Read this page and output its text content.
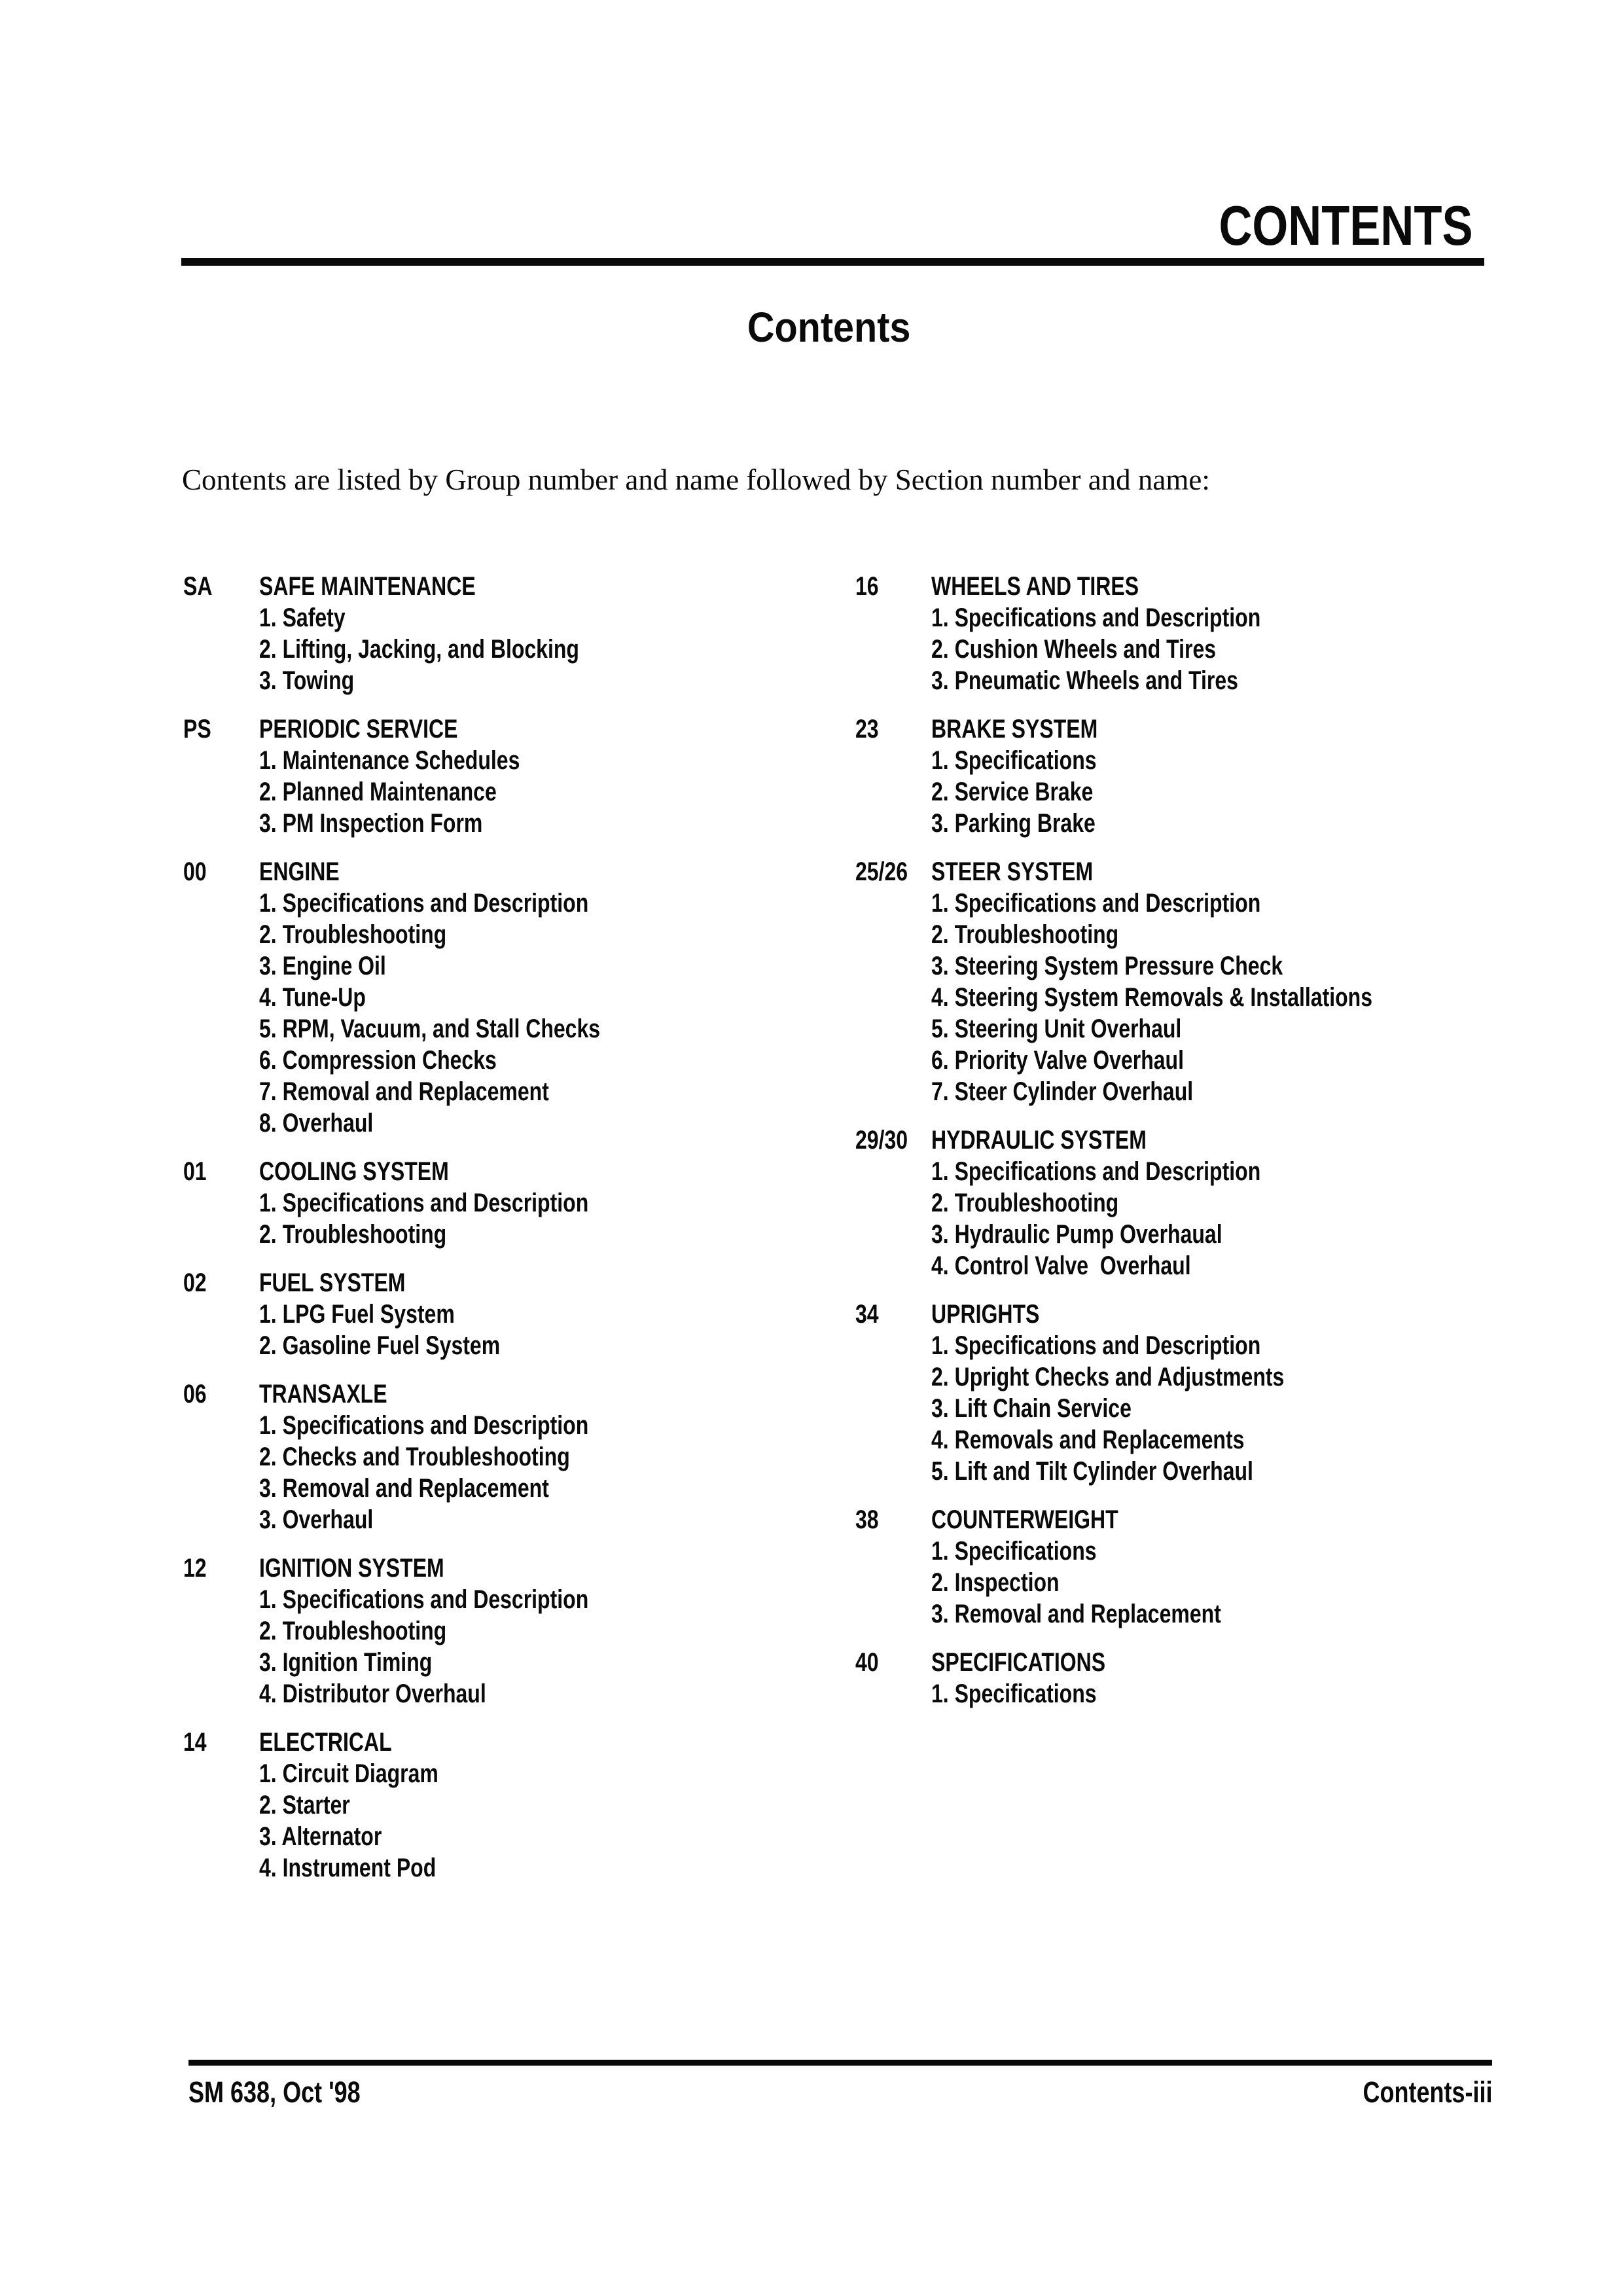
CONTENTS
Contents
Contents are listed by Group number and name followed by Section number and name:
SA	SAFE MAINTENANCE
1. Safety
2. Lifting, Jacking, and Blocking
3. Towing
PS	PERIODIC SERVICE
1. Maintenance Schedules
2. Planned Maintenance
3. PM Inspection Form
00	ENGINE
1. Specifications and Description
2. Troubleshooting
3. Engine Oil
4. Tune-Up
5. RPM, Vacuum, and Stall Checks
6. Compression Checks
7. Removal and Replacement
8. Overhaul
01	COOLING SYSTEM
1. Specifications and Description
2. Troubleshooting
02	FUEL SYSTEM
1. LPG Fuel System
2. Gasoline Fuel System
06	TRANSAXLE
1. Specifications and Description
2. Checks and Troubleshooting
3. Removal and Replacement
3. Overhaul
12	IGNITION SYSTEM
1. Specifications and Description
2. Troubleshooting
3. Ignition Timing
4. Distributor Overhaul
14	ELECTRICAL
1. Circuit Diagram
2. Starter
3. Alternator
4. Instrument Pod
16	WHEELS AND TIRES
1. Specifications and Description
2. Cushion Wheels and Tires
3. Pneumatic Wheels and Tires
23	BRAKE SYSTEM
1. Specifications
2. Service Brake
3. Parking Brake
25/26 STEER SYSTEM
1. Specifications and Description
2. Troubleshooting
3. Steering System Pressure Check
4. Steering System Removals & Installations
5. Steering Unit Overhaul
6. Priority Valve Overhaul
7. Steer Cylinder Overhaul
29/30 HYDRAULIC SYSTEM
1. Specifications and Description
2. Troubleshooting
3. Hydraulic Pump Overhaual
4. Control Valve  Overhaul
34	UPRIGHTS
1. Specifications and Description
2. Upright Checks and Adjustments
3. Lift Chain Service
4. Removals and Replacements
5. Lift and Tilt Cylinder Overhaul
38	COUNTERWEIGHT
1. Specifications
2. Inspection
3. Removal and Replacement
40	SPECIFICATIONS
1. Specifications
SM 638, Oct '98	Contents-iii
